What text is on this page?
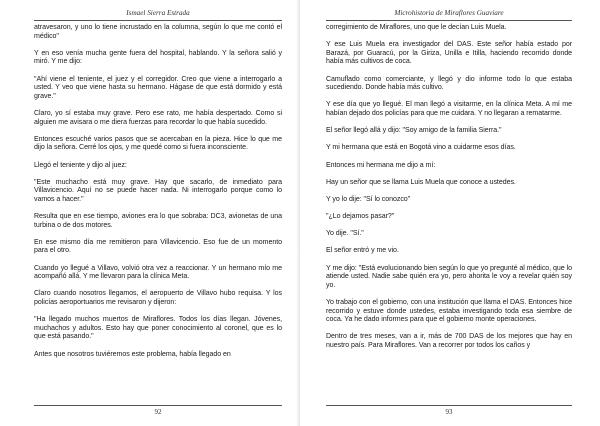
Ismael Sierra Estrada

atravesaron, y uno lo tiene incrustado en la columna, según lo que me contó el médico"

Y en eso venía mucha gente fuera del hospital, hablando. Y la señora salió y miró. Y me dijo:

"Ahí viene el teniente, el juez y el corregidor. Creo que viene a interrogarlo a usted. Y veo que viene hasta su hermano. Hágase de que está dormido y está grave."

Claro, yo sí estaba muy grave. Pero ese rato, me había despertado. Como si alguien me avisara o me diera fuerzas para recordar lo que había sucedido.

Entonces escuché varios pasos que se acercaban en la pieza. Hice lo que me dijo la señora. Cerré los ojos, y me quedé como si fuera inconsciente.

Llegó el teniente y dijo al juez:

"Este muchacho está muy grave. Hay que sacarlo, de inmediato para Villavicencio. Aquí no se puede hacer nada. Ni interrogarlo porque como lo vamos a hacer."

Resulta que en ese tiempo, aviones era lo que sobraba: DC3, avionetas de una turbina o de dos motores.

En ese mismo día me remitieron para Villavicencio. Eso fue de un momento para el otro.

Cuando yo llegué a Villavo, volvió otra vez a reaccionar. Y un hermano mío me acompañó allá. Y me llevaron para la clínica Meta.

Claro cuando nosotros llegamos, el aeropuerto de Villavo hubo requisa. Y los policías aeroportuarios me revisaron y dijeron:

"Ha llegado muchos muertos de Miraflores. Todos los días llegan. Jóvenes, muchachos y adultos. Esto hay que poner conocimiento al coronel, que es lo que está pasando."

Antes que nosotros tuviéremos este problema, había llegado en

92
Microhistoria de Miraflores Guaviare

corregimiento de Miraflores, uno que le decían Luis Muela.

Y ese Luis Muela era investigador del DAS. Este señor había estado por Barazá, por Guaracú, por la Giriza, Unilla e Itilla, haciendo recorrido donde había más cultivos de coca.

Camuflado como comerciante, y llegó y dio informe todo lo que estaba sucediendo. Donde había más cultivo.

Y ese día que yo llegué. El man llegó a visitarme, en la clínica Meta. A mí me habían dejado dos policías para que me cuidara. Y no llegaran a rematarme.

El señor llegó allá y dijo: "Soy amigo de la familia Sierra."

Y mi hermana que está en Bogotá vino a cuidarme esos días.

Entonces mi hermana me dijo a mí:

Hay un señor que se llama Luis Muela que conoce a ustedes.

Y yo lo dije: "Sí lo conozco"

"¿Lo dejamos pasar?"

Yo dije. "Sí."

El señor entró y me vio.

Y me dijo: "Está evolucionando bien según lo que yo pregunté al médico, que lo atiende usted. Nadie sabe quién era yo, pero ahorita le voy a revelar quién soy yo.

Yo trabajo con el gobierno, con una institución que llama el DAS. Entonces hice recorrido y estuve donde ustedes, estaba investigando toda esa siembre de coca. Ya he dado informes para que el gobierno monte operaciones.

Dentro de tres meses, van a ir, más de 700 DAS de los mejores que hay en nuestro país. Para Miraflores. Van a recorrer por todos los caños y

93
